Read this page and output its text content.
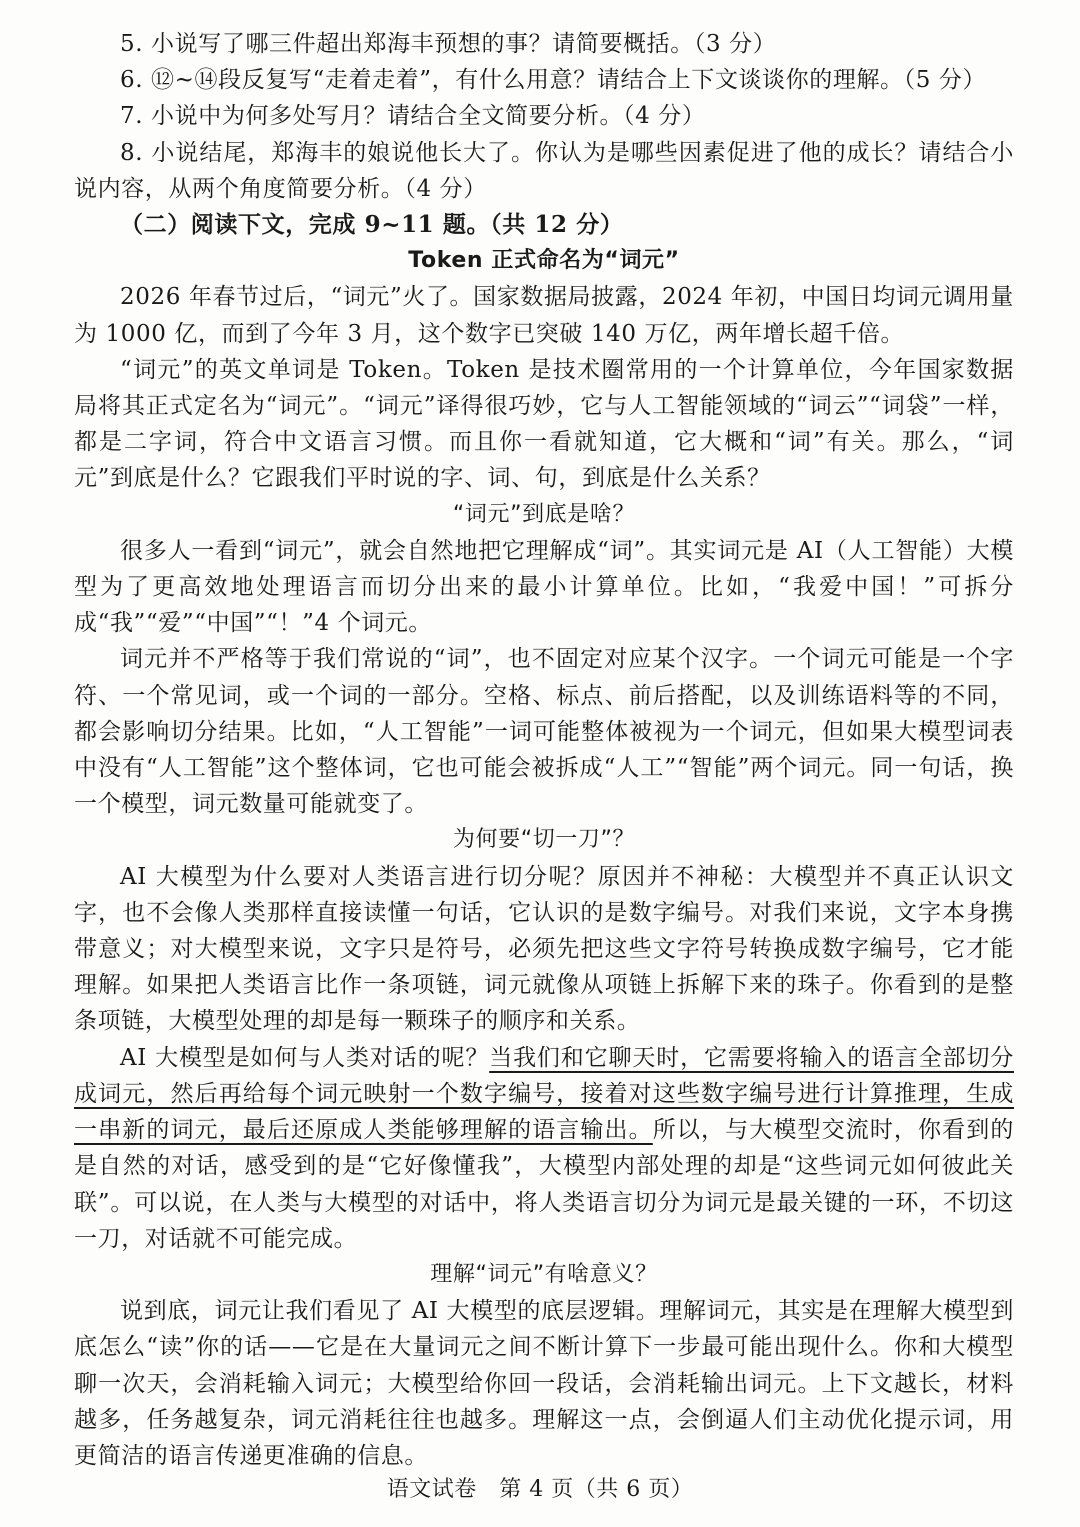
5. 小说写了哪三件超出郑海丰预想的事？请简要概括。（3 分）

6. ⑫~⑭段反复写“走着走着”，有什么用意？请结合上下文谈谈你的理解。（5 分）

7. 小说中为何多处写月？请结合全文简要分析。（4 分）

8. 小说结尾，郑海丰的娘说他长大了。你认为是哪些因素促进了他的成长？请结合小说内容，从两个角度简要分析。（4 分）

（二）阅读下文，完成 9~11 题。（共 12 分）

Token 正式命名为“词元”

2026 年春节过后，“词元”火了。国家数据局披露，2024 年初，中国日均词元调用量为 1000 亿，而到了今年 3 月，这个数字已突破 140 万亿，两年增长超千倍。

“词元”的英文单词是 Token。Token 是技术圈常用的一个计算单位，今年国家数据局将其正式定名为“词元”。“词元”译得很巧妙，它与人工智能领域的“词云”“词袋”一样，都是二字词，符合中文语言习惯。而且你一看就知道，它大概和“词”有关。那么，“词元”到底是什么？它跟我们平时说的字、词、句，到底是什么关系？

“词元”到底是啥？

很多人一看到“词元”，就会自然地把它理解成“词”。其实词元是 AI（人工智能）大模型为了更高效地处理语言而切分出来的最小计算单位。比如，“我爱中国！”可拆分成“我”“爱”“中国”“！”4 个词元。

词元并不严格等于我们常说的“词”，也不固定对应某个汉字。一个词元可能是一个字符、一个常见词，或一个词的一部分。空格、标点、前后搭配，以及训练语料等的不同，都会影响切分结果。比如，“人工智能”一词可能整体被视为一个词元，但如果大模型词表中没有“人工智能”这个整体词，它也可能会被拆成“人工”“智能”两个词元。同一句话，换一个模型，词元数量可能就变了。

为何要“切一刀”？

AI 大模型为什么要对人类语言进行切分呢？原因并不神秘：大模型并不真正认识文字，也不会像人类那样直接读懂一句话，它认识的是数字编号。对我们来说，文字本身携带意义；对大模型来说，文字只是符号，必须先把这些文字符号转换成数字编号，它才能理解。如果把人类语言比作一条项链，词元就像从项链上拆解下来的珠子。你看到的是整条项链，大模型处理的却是每一颗珠子的顺序和关系。

AI 大模型是如何与人类对话的呢？当我们和它聊天时，它需要将输入的语言全部切分成词元，然后再给每个词元映射一个数字编号，接着对这些数字编号进行计算推理，生成一串新的词元，最后还原成人类能够理解的语言输出。所以，与大模型交流时，你看到的是自然的对话，感受到的是“它好像懂我”，大模型内部处理的却是“这些词元如何彼此关联”。可以说，在人类与大模型的对话中，将人类语言切分为词元是最关键的一环，不切这一刀，对话就不可能完成。

理解“词元”有啥意义？

说到底，词元让我们看见了 AI 大模型的底层逻辑。理解词元，其实是在理解大模型到底怎么“读”你的话——它是在大量词元之间不断计算下一步最可能出现什么。你和大模型聊一次天，会消耗输入词元；大模型给你回一段话，会消耗输出词元。上下文越长，材料越多，任务越复杂，词元消耗往往也越多。理解这一点，会倒逼人们主动优化提示词，用更简洁的语言传递更准确的信息。

语文试卷　第 4 页（共 6 页）
